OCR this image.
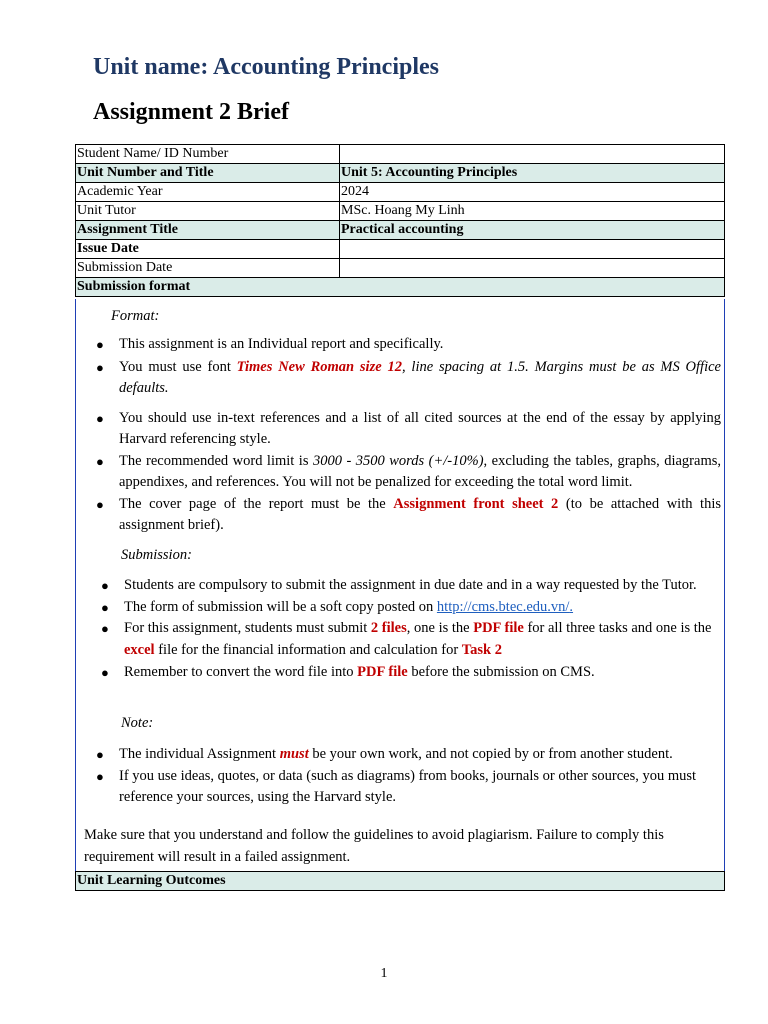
Unit name: Accounting Principles
Assignment 2 Brief
Student Name/ ID Number	
Unit Number and Title	Unit 5: Accounting Principles
Academic Year	2024
Unit Tutor	MSc. Hoang My Linh
Assignment Title	Practical accounting
Issue Date	
Submission Date	
Submission format	
Format:
● This assignment is an Individual report and specifically.
● You must use font Times New Roman size 12, line spacing at 1.5. Margins must be as MS Office defaults.
● You should use in-text references and a list of all cited sources at the end of the essay by applying Harvard referencing style.
● The recommended word limit is 3000 - 3500 words (+/-10%), excluding the tables, graphs, diagrams, appendixes, and references. You will not be penalized for exceeding the total word limit.
● The cover page of the report must be the Assignment front sheet 2 (to be attached with this assignment brief).
Submission:
● Students are compulsory to submit the assignment in due date and in a way requested by the Tutor.
● The form of submission will be a soft copy posted on http://cms.btec.edu.vn/.
● For this assignment, students must submit 2 files, one is the PDF file for all three tasks and one is the excel file for the financial information and calculation for Task 2
● Remember to convert the word file into PDF file before the submission on CMS.
Note:
● The individual Assignment must be your own work, and not copied by or from another student.
● If you use ideas, quotes, or data (such as diagrams) from books, journals or other sources, you must reference your sources, using the Harvard style.

Make sure that you understand and follow the guidelines to avoid plagiarism. Failure to comply this requirement will result in a failed assignment.

Unit Learning Outcomes
1
